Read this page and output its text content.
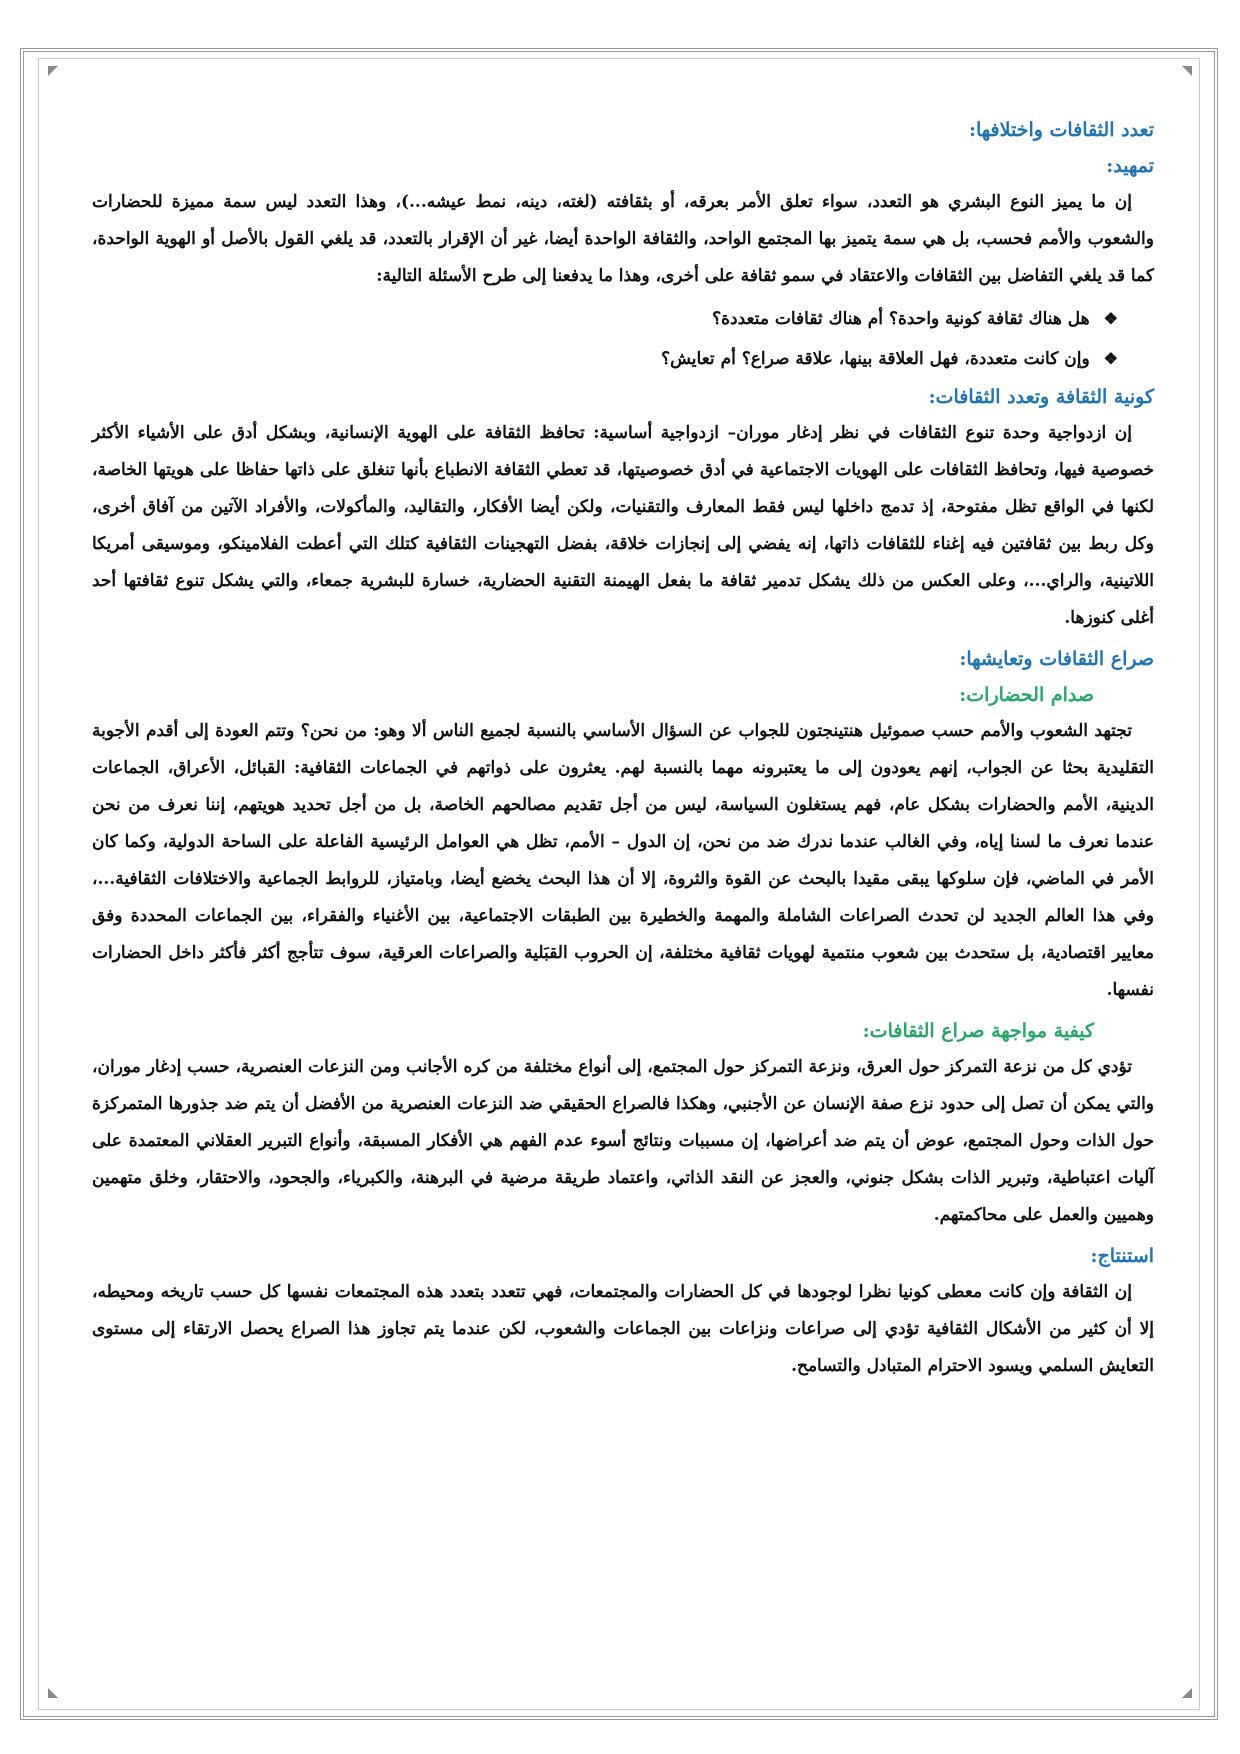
تعدد الثقافات واختلافها:
تمهيد:

إن ما يميز النوع البشري هو التعدد، سواء تعلق الأمر بعرقه، أو بثقافته (لغته، دينه، نمط عيشه...)، وهذا التعدد ليس سمة مميزة للحضارات والشعوب والأمم فحسب، بل هي سمة يتميز بها المجتمع الواحد، والثقافة الواحدة أيضا، غير أن الإقرار بالتعدد، قد يلغي القول بالأصل أو الهوية الواحدة، كما قد يلغي التفاضل بين الثقافات والاعتقاد في سمو ثقافة على أخرى، وهذا ما يدفعنا إلى طرح الأسئلة التالية:

❖هل هناك ثقافة كونية واحدة؟ أم هناك ثقافات متعددة؟
❖وإن كانت متعددة، فهل العلاقة بينها، علاقة صراع؟ أم تعايش؟
كونية الثقافة وتعدد الثقافات:

إن ازدواجية وحدة تنوع الثقافات في نظر إدغار موران– ازدواجية أساسية: تحافظ الثقافة على الهوية الإنسانية، وبشكل أدق على الأشياء الأكثر خصوصية فيها، وتحافظ الثقافات على الهويات الاجتماعية في أدق خصوصيتها، قد تعطي الثقافة الانطباع بأنها تنغلق على ذاتها حفاظا على هويتها الخاصة، لكنها في الواقع تظل مفتوحة، إذ تدمج داخلها ليس فقط المعارف والتقنيات، ولكن أيضا الأفكار، والتقاليد، والمأكولات، والأفراد الآتين من آفاق أخرى، وكل ربط بين ثقافتين فيه إغناء للثقافات ذاتها، إنه يفضي إلى إنجازات خلاقة، بفضل التهجينات الثقافية كتلك التي أعطت الفلامينكو، وموسيقى أمريكا اللاتينية، والراي...، وعلى العكس من ذلك يشكل تدمير ثقافة ما بفعل الهيمنة التقنية الحضارية، خسارة للبشرية جمعاء، والتي يشكل تنوع ثقافتها أحد أغلى كنوزها.

صراع الثقافات وتعايشها:
صدام الحضارات:

تجتهد الشعوب والأمم حسب صموئيل هنتينجتون للجواب عن السؤال الأساسي بالنسبة لجميع الناس ألا وهو: من نحن؟ وتتم العودة إلى أقدم الأجوبة التقليدية بحثا عن الجواب، إنهم يعودون إلى ما يعتبرونه مهما بالنسبة لهم. يعثرون على ذواتهم في الجماعات الثقافية: القبائل، الأعراق، الجماعات الدينية، الأمم والحضارات بشكل عام، فهم يستغلون السياسة، ليس من أجل تقديم مصالحهم الخاصة، بل من أجل تحديد هويتهم، إننا نعرف من نحن عندما نعرف ما لسنا إياه، وفي الغالب عندما ندرك ضد من نحن، إن الدول – الأمم، تظل هي العوامل الرئيسية الفاعلة على الساحة الدولية، وكما كان الأمر في الماضي، فإن سلوكها يبقى مقيدا بالبحث عن القوة والثروة، إلا أن هذا البحث يخضع أيضا، وبامتياز، للروابط الجماعية والاختلافات الثقافية...، وفي هذا العالم الجديد لن تحدث الصراعات الشاملة والمهمة والخطيرة بين الطبقات الاجتماعية، بين الأغنياء والفقراء، بين الجماعات المحددة وفق معايير اقتصادية، بل ستحدث بين شعوب منتمية لهويات ثقافية مختلفة، إن الحروب القبَلية والصراعات العرقية، سوف تتأجج أكثر فأكثر داخل الحضارات نفسها.

كيفية مواجهة صراع الثقافات:

تؤدي كل من نزعة التمركز حول العرق، ونزعة التمركز حول المجتمع، إلى أنواع مختلفة من كره الأجانب ومن النزعات العنصرية، حسب إدغار موران، والتي يمكن أن تصل إلى حدود نزع صفة الإنسان عن الأجنبي، وهكذا فالصراع الحقيقي ضد النزعات العنصرية من الأفضل أن يتم ضد جذورها المتمركزة حول الذات وحول المجتمع، عوض أن يتم ضد أعراضها، إن مسببات ونتائج أسوء عدم الفهم هي الأفكار المسبقة، وأنواع التبرير العقلاني المعتمدة على آليات اعتباطية، وتبرير الذات بشكل جنوني، والعجز عن النقد الذاتي، واعتماد طريقة مرضية في البرهنة، والكبرياء، والجحود، والاحتقار، وخلق متهمين وهميين والعمل على محاكمتهم.

استنتاج:

إن الثقافة وإن كانت معطى كونيا نظرا لوجودها في كل الحضارات والمجتمعات، فهي تتعدد بتعدد هذه المجتمعات نفسها كل حسب تاريخه ومحيطه، إلا أن كثير من الأشكال الثقافية تؤدي إلى صراعات ونزاعات بين الجماعات والشعوب، لكن عندما يتم تجاوز هذا الصراع يحصل الارتقاء إلى مستوى التعايش السلمي ويسود الاحترام المتبادل والتسامح.
